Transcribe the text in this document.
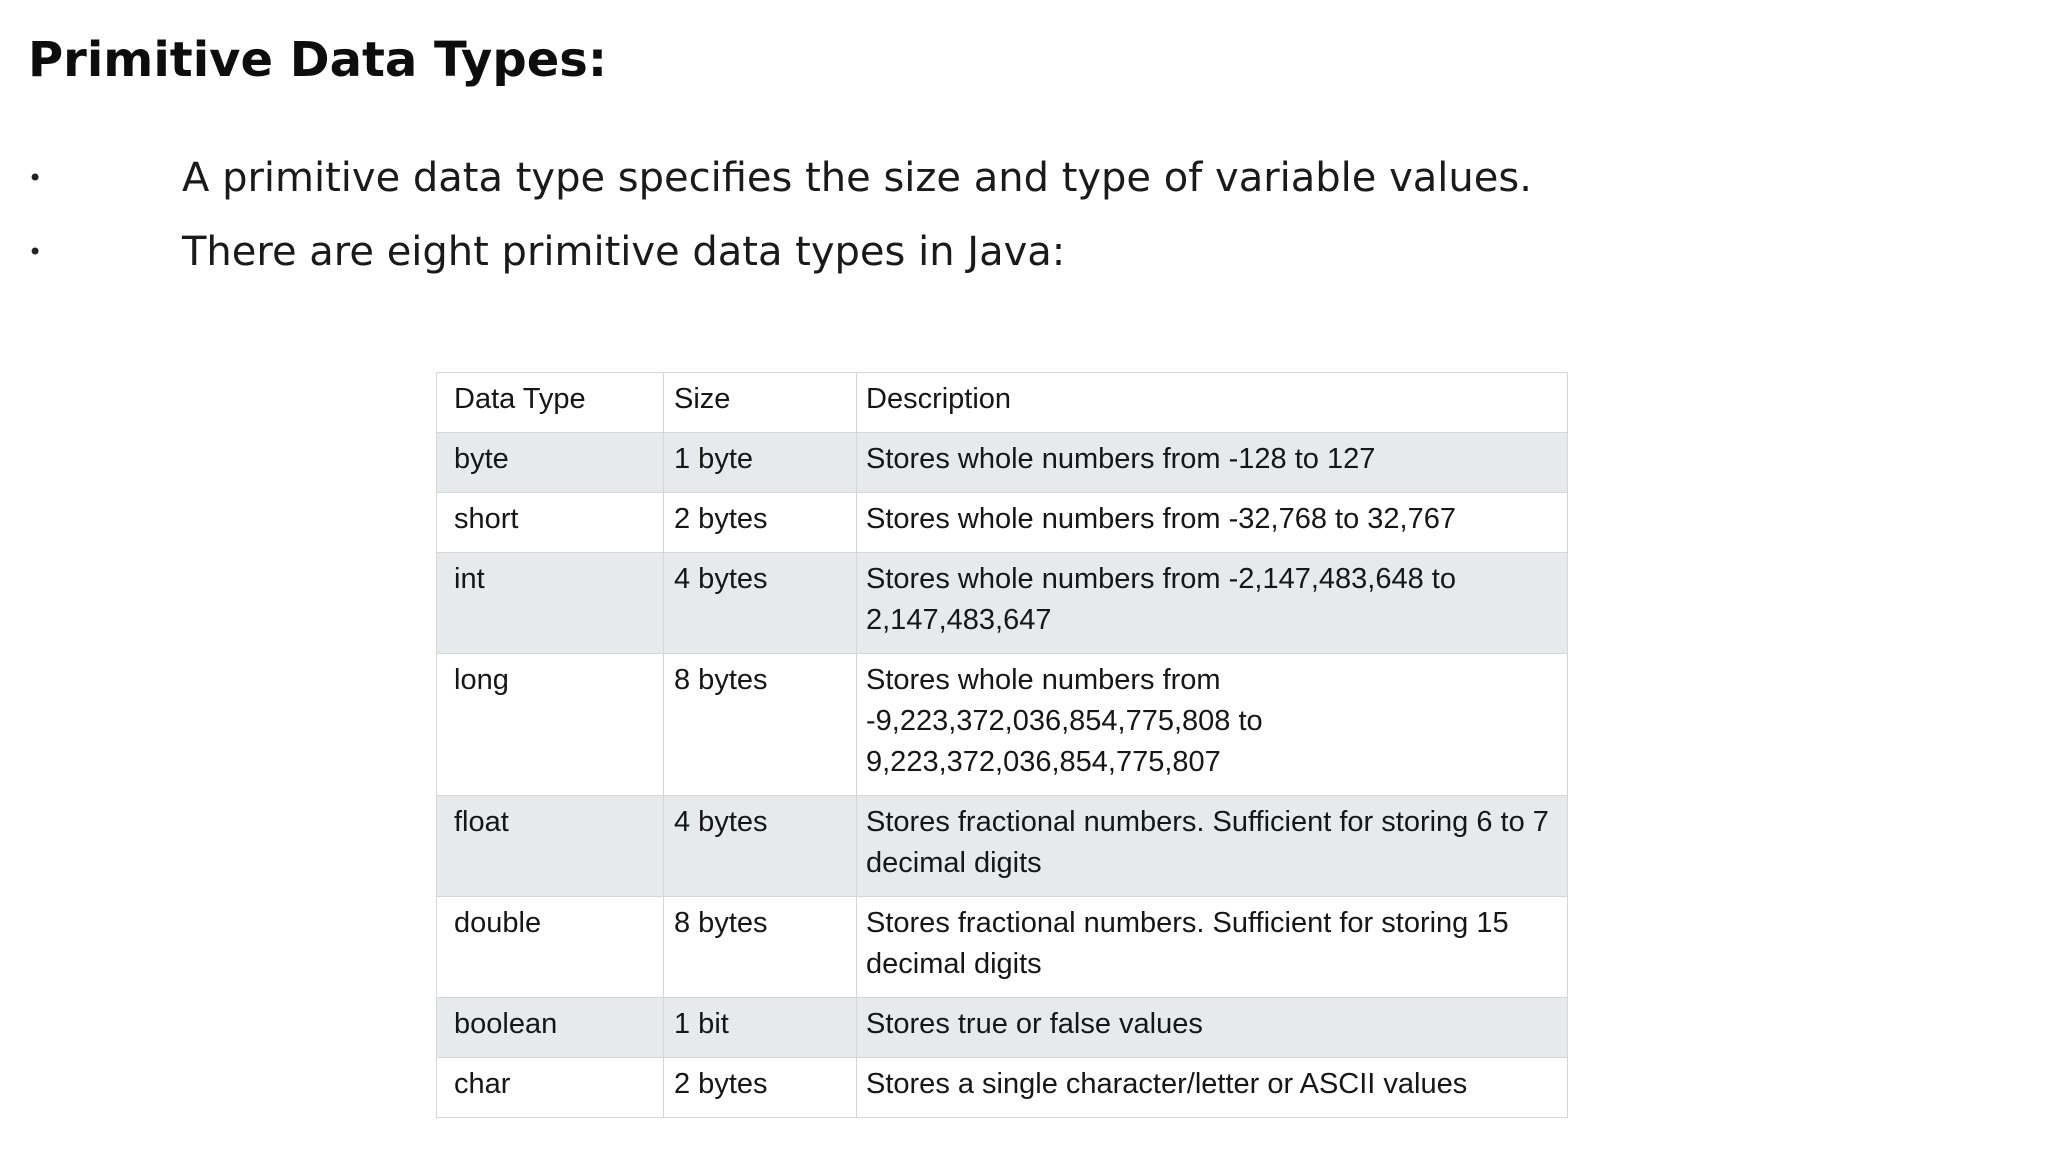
Primitive Data Types:
•	A primitive data type specifies the size and type of variable values.
•	There are eight primitive data types in Java:
Data Type	Size	Description
byte	1 byte	Stores whole numbers from -128 to 127
short	2 bytes	Stores whole numbers from -32,768 to 32,767
int	4 bytes	Stores whole numbers from -2,147,483,648 to 2,147,483,647
long	8 bytes	Stores whole numbers from -9,223,372,036,854,775,808 to 9,223,372,036,854,775,807
float	4 bytes	Stores fractional numbers. Sufficient for storing 6 to 7 decimal digits
double	8 bytes	Stores fractional numbers. Sufficient for storing 15 decimal digits
boolean	1 bit	Stores true or false values
char	2 bytes	Stores a single character/letter or ASCII values
